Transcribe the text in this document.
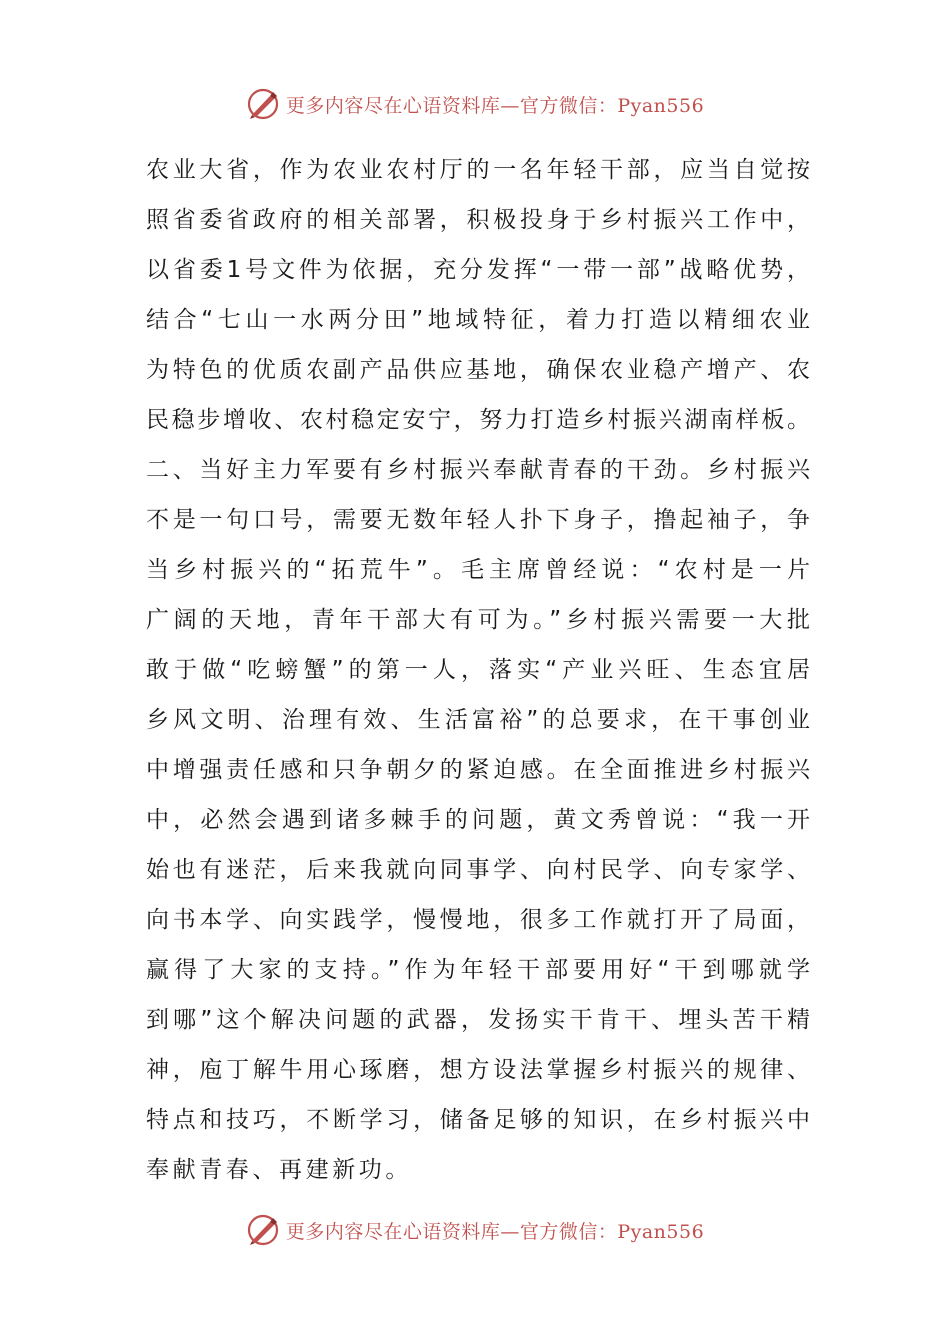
更多内容尽在心语资料库—官方微信：Pyan556
农业大省，作为农业农村厅的一名年轻干部，应当自觉按
照省委省政府的相关部署，积极投身于乡村振兴工作中，
以省委1号文件为依据，充分发挥“一带一部”战略优势，
结合“七山一水两分田”地域特征，着力打造以精细农业
为特色的优质农副产品供应基地，确保农业稳产增产、农
民稳步增收、农村稳定安宁，努力打造乡村振兴湖南样板。
二、当好主力军要有乡村振兴奉献青春的干劲。乡村振兴
不是一句口号，需要无数年轻人扑下身子，撸起袖子，争
当乡村振兴的“拓荒牛”。毛主席曾经说：“农村是一片
广阔的天地，青年干部大有可为。”乡村振兴需要一大批
敢于做“吃螃蟹”的第一人，落实“产业兴旺、生态宜居
乡风文明、治理有效、生活富裕”的总要求，在干事创业
中增强责任感和只争朝夕的紧迫感。在全面推进乡村振兴
中，必然会遇到诸多棘手的问题，黄文秀曾说：“我一开
始也有迷茫，后来我就向同事学、向村民学、向专家学、
向书本学、向实践学，慢慢地，很多工作就打开了局面，
赢得了大家的支持。”作为年轻干部要用好“干到哪就学
到哪”这个解决问题的武器，发扬实干肯干、埋头苦干精
神，庖丁解牛用心琢磨，想方设法掌握乡村振兴的规律、
特点和技巧，不断学习，储备足够的知识，在乡村振兴中
奉献青春、再建新功。
更多内容尽在心语资料库—官方微信：Pyan556
